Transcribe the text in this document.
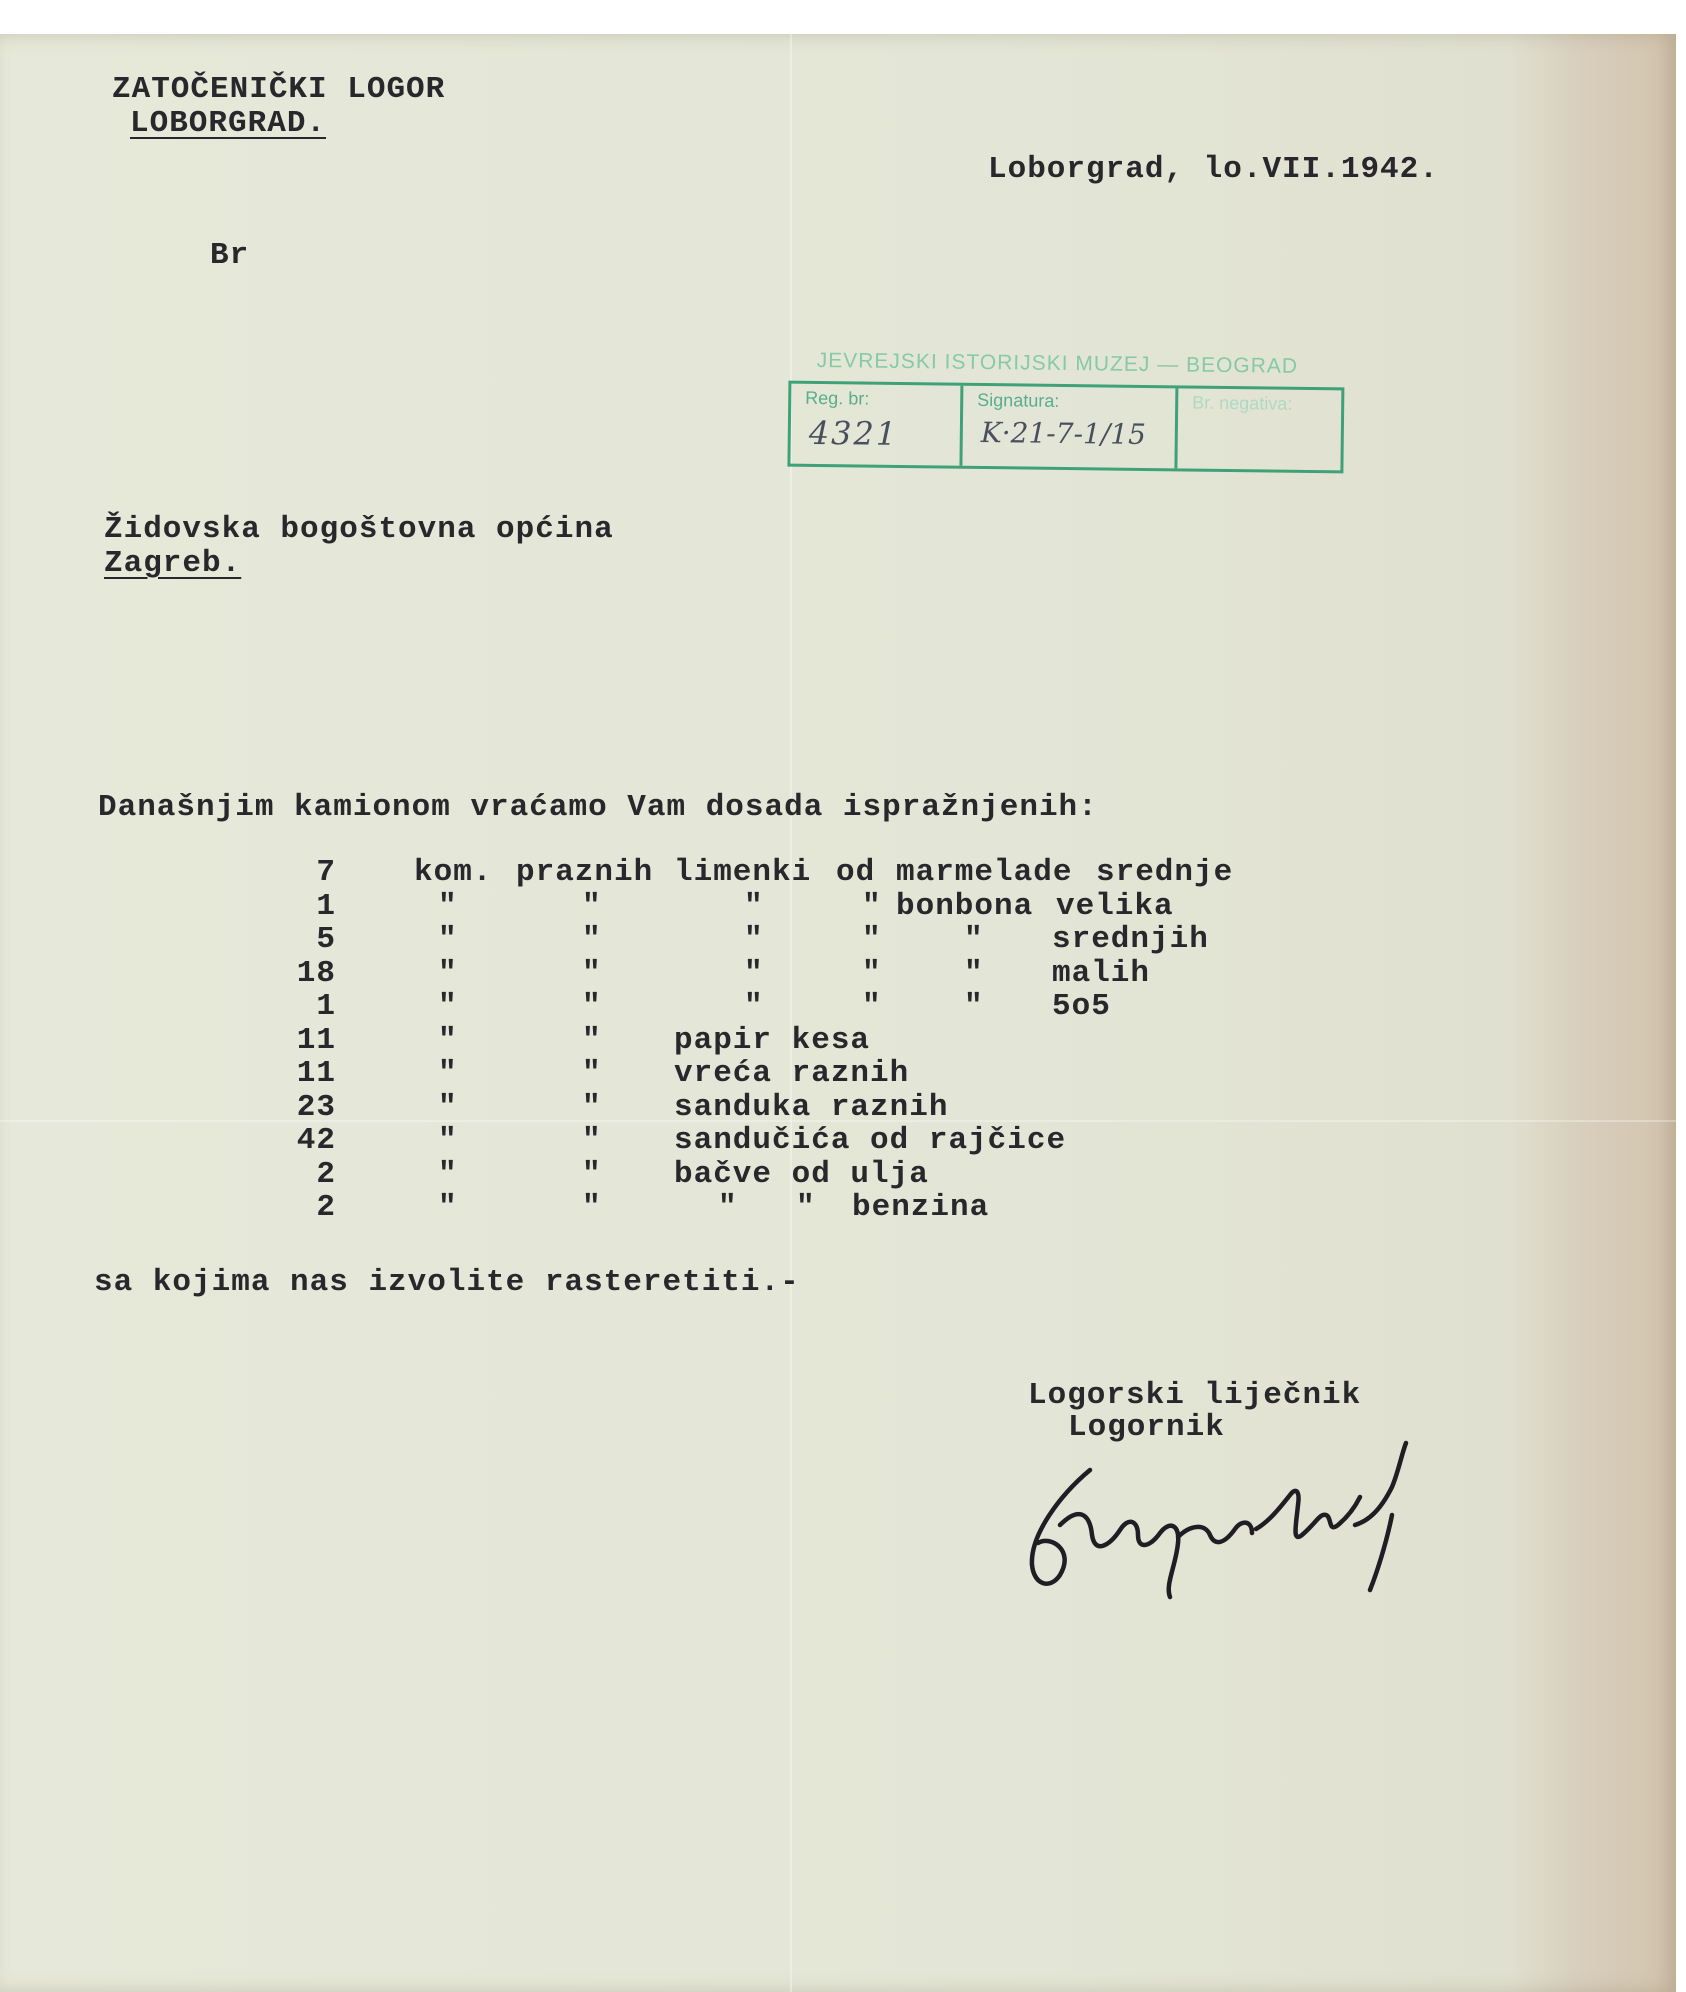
ZATOČENIČKI LOGOR
LOBORGRAD.
Loborgrad, lo.VII.1942.
Br
JEVREJSKI ISTORIJSKI MUZEJ — BEOGRAD
Reg. br:
4321
Signatura:
K·21-7-1/15
Br. negativa:
Židovska bogoštovna općina
Zagreb.
Današnjim kamionom vraćamo Vam dosada ispražnjenih:
7	kom. praznih limenki od marmelade srednje
1	"	"	"	" bonbona velika
5	"	"	"	"	" srednjih
18	"	"	"	"	" malih
1	"	"	"	"	" 5o5
11	"	" papir kesa
11	"	" vreća raznih
23	"	" sanduka raznih
42	"	" sandučića od rajčice
2	"	" bačve od ulja
2	"	"	" " benzina
sa kojima nas izvolite rasteretiti.-
Logorski liječnik
Logornik
